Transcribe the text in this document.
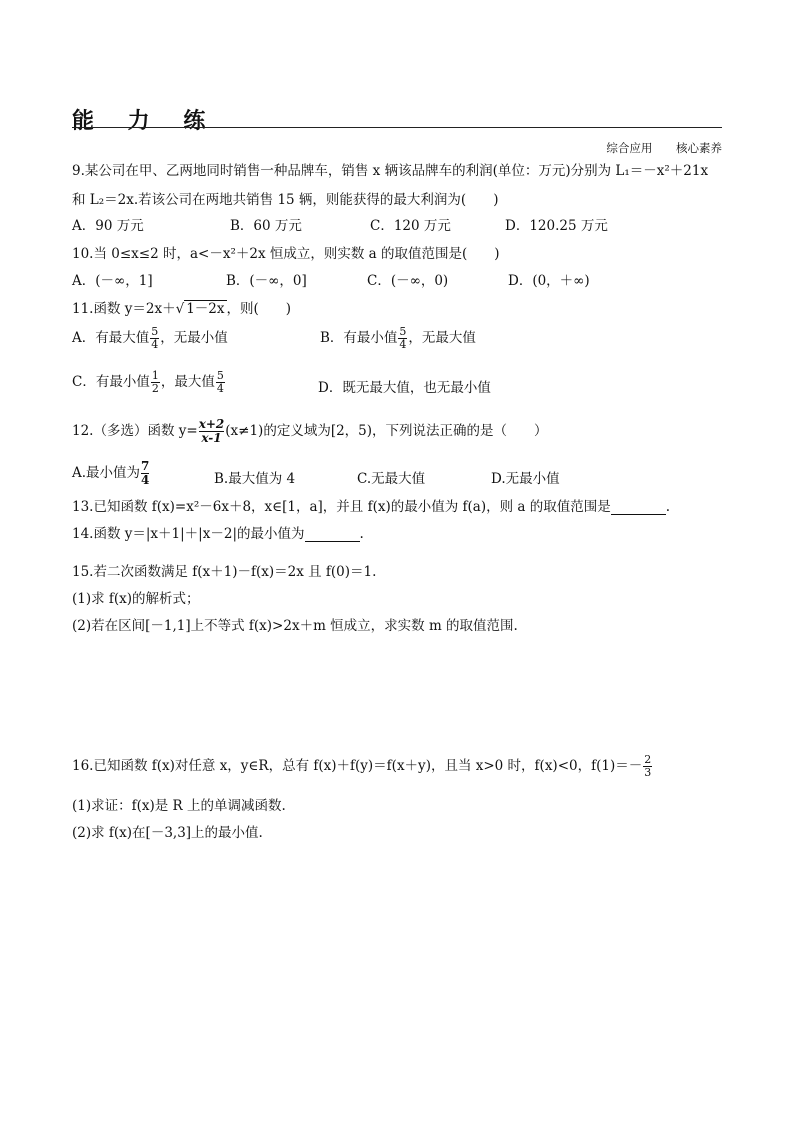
能 力 练
综合应用 核心素养
9.某公司在甲、乙两地同时销售一种品牌车，销售 x 辆该品牌车的利润(单位：万元)分别为 L₁＝－x²＋21x
和 L₂＝2x.若该公司在两地共销售 15 辆，则能获得的最大利润为(　　)
A．90 万元	B．60 万元	C．120 万元	D．120.25 万元
10.当 0≤x≤2 时，a<－x²＋2x 恒成立，则实数 a 的取值范围是(　　)
A．(－∞，1]	B．(－∞，0]	C．(－∞，0)	D．(0，＋∞)
11.函数 y＝2x＋√ 1－2x ，则(　　)
A．有最大值 $\frac{5}{4}$ ，无最小值	B．有最小值 $\frac{5}{4}$ ，无最大值
C．有最小值 $\frac{1}{2}$ ，最大值 $\frac{5}{4}$	D．既无最大值，也无最小值
12.（多选）函数 $y= \frac{x+2}{x-1}(x\ne 1)$的定义域为[2，5)，下列说法正确的是（　　）
A.最小值为 $\frac{7}{4}$	B.最大值为 4	C.无最大值	D.无最小值
13.已知函数 f(x)=x²－6x＋8，x∈[1，a]，并且 f(x)的最小值为 f(a)，则 a 的取值范围是	.
14.函数 y＝|x＋1|＋|x－2|的最小值为	.
15.若二次函数满足 f(x＋1)－f(x)＝2x 且 f(0)＝1.
(1)求 f(x)的解析式；
(2)若在区间[－1,1]上不等式 f(x)>2x＋m 恒成立，求实数 m 的取值范围.
16.已知函数 f(x)对任意 x，y∈R，总有 f(x)＋f(y)＝f(x＋y)，且当 x>0 时，f(x)<0，$f(1)=- \frac{2}{3}$
(1)求证：f(x)是 R 上的单调减函数.
(2)求 f(x)在[－3,3]上的最小值.
